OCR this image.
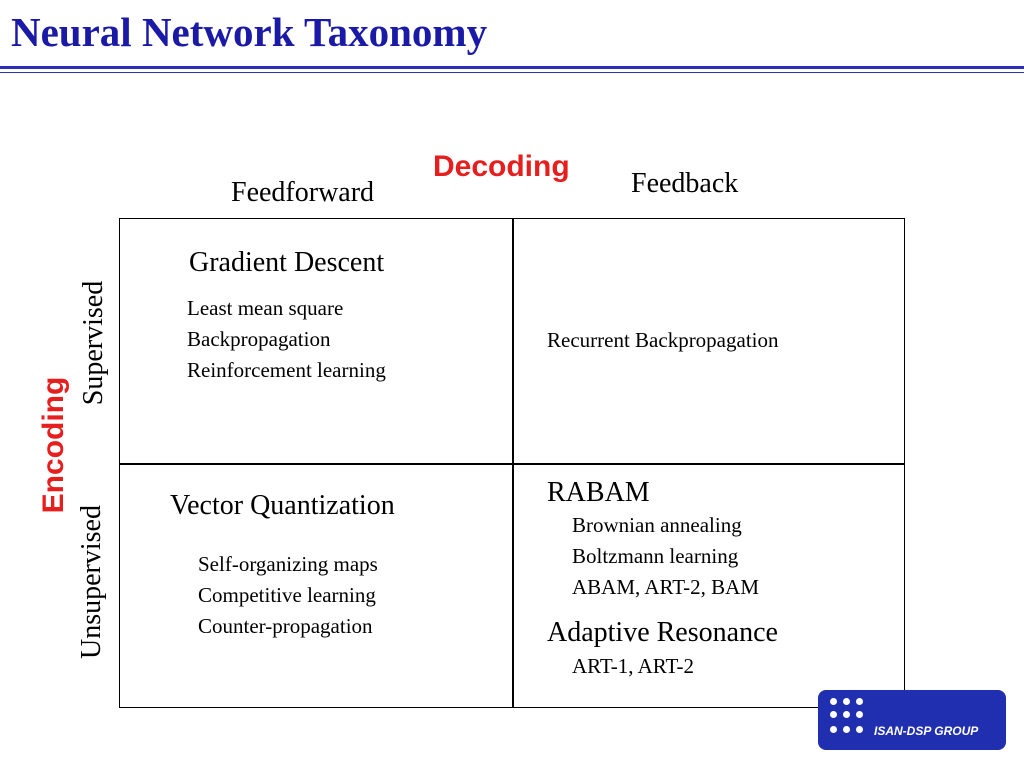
Neural Network Taxonomy
Decoding
Feedforward	Feedback
Encoding
Supervised
Unsupervised
Gradient Descent
Least mean square
Backpropagation
Reinforcement learning
Recurrent Backpropagation
Vector Quantization
Self-organizing maps
Competitive learning
Counter-propagation
RABAM
Brownian annealing
Boltzmann learning
ABAM, ART-2, BAM
Adaptive Resonance
ART-1, ART-2
ISAN-DSP GROUP
